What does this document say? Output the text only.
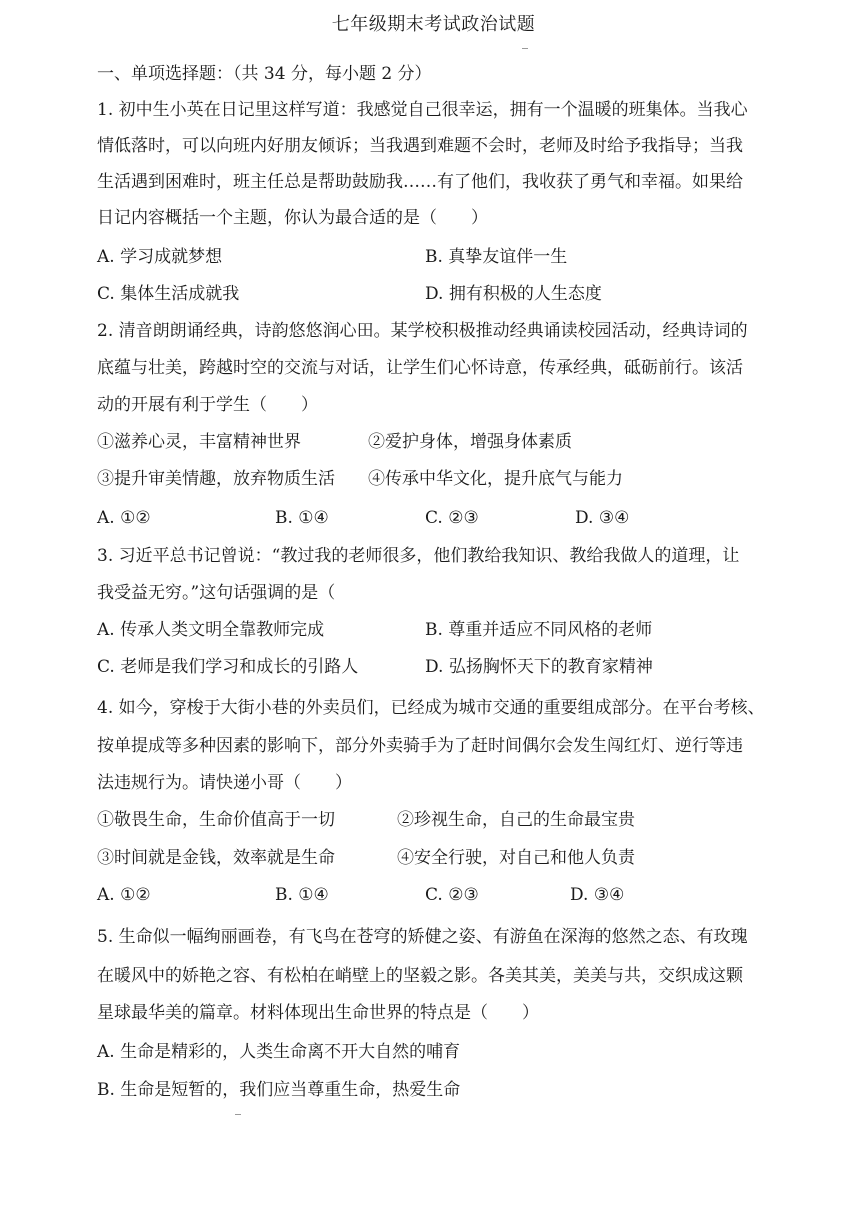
七年级期末考试政治试题
一、单项选择题：（共 34 分，每小题 2 分）
1. 初中生小英在日记里这样写道：我感觉自己很幸运，拥有一个温暖的班集体。当我心
情低落时，可以向班内好朋友倾诉；当我遇到难题不会时，老师及时给予我指导；当我
生活遇到困难时，班主任总是帮助鼓励我……有了他们，我收获了勇气和幸福。如果给
日记内容概括一个主题，你认为最合适的是（　　）
A. 学习成就梦想	B. 真挚友谊伴一生
C. 集体生活成就我	D. 拥有积极的人生态度
2. 清音朗朗诵经典，诗韵悠悠润心田。某学校积极推动经典诵读校园活动，经典诗词的
底蕴与壮美，跨越时空的交流与对话，让学生们心怀诗意，传承经典，砥砺前行。该活
动的开展有利于学生（　　）
①滋养心灵，丰富精神世界	②爱护身体，增强身体素质
③提升审美情趣，放弃物质生活 ④传承中华文化，提升底气与能力
A. ①②	B. ①④	C. ②③	D. ③④
3. 习近平总书记曾说：“教过我的老师很多，他们教给我知识、教给我做人的道理，让
我受益无穷。”这句话强调的是（
A. 传承人类文明全靠教师完成	B. 尊重并适应不同风格的老师
C. 老师是我们学习和成长的引路人	D. 弘扬胸怀天下的教育家精神
4. 如今，穿梭于大街小巷的外卖员们，已经成为城市交通的重要组成部分。在平台考核、
按单提成等多种因素的影响下，部分外卖骑手为了赶时间偶尔会发生闯红灯、逆行等违
法违规行为。请快递小哥（　　）
①敬畏生命，生命价值高于一切	②珍视生命，自己的生命最宝贵
③时间就是金钱，效率就是生命	④安全行驶，对自己和他人负责
A. ①②	B. ①④	C. ②③	D. ③④
5. 生命似一幅绚丽画卷，有飞鸟在苍穹的矫健之姿、有游鱼在深海的悠然之态、有玫瑰
在暖风中的娇艳之容、有松柏在峭壁上的坚毅之影。各美其美，美美与共，交织成这颗
星球最华美的篇章。材料体现出生命世界的特点是（　　）
A. 生命是精彩的，人类生命离不开大自然的哺育
B. 生命是短暂的，我们应当尊重生命，热爱生命
